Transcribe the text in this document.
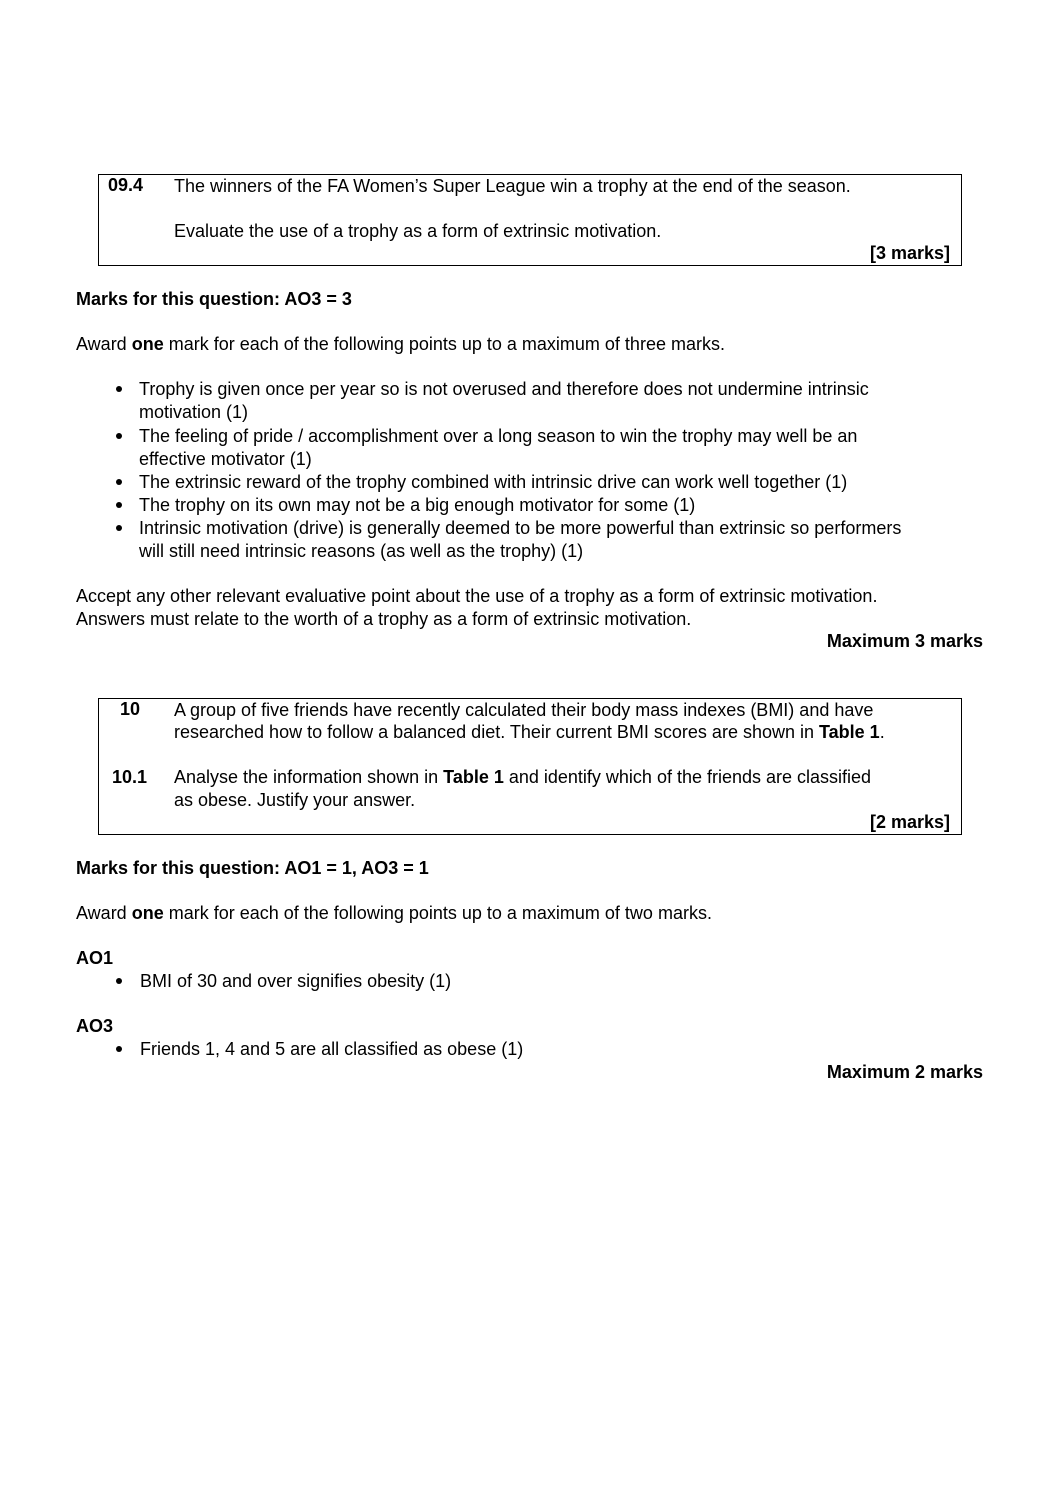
09.4 The winners of the FA Women’s Super League win a trophy at the end of the season.
Evaluate the use of a trophy as a form of extrinsic motivation.
[3 marks]
Marks for this question: AO3 = 3
Award one mark for each of the following points up to a maximum of three marks.
Trophy is given once per year so is not overused and therefore does not undermine intrinsic
motivation (1)
The feeling of pride / accomplishment over a long season to win the trophy may well be an
effective motivator (1)
The extrinsic reward of the trophy combined with intrinsic drive can work well together (1)
The trophy on its own may not be a big enough motivator for some (1)
Intrinsic motivation (drive) is generally deemed to be more powerful than extrinsic so performers
will still need intrinsic reasons (as well as the trophy) (1)
Accept any other relevant evaluative point about the use of a trophy as a form of extrinsic motivation.
Answers must relate to the worth of a trophy as a form of extrinsic motivation.
Maximum 3 marks
10 A group of five friends have recently calculated their body mass indexes (BMI) and have
researched how to follow a balanced diet. Their current BMI scores are shown in Table 1.
10.1 Analyse the information shown in Table 1 and identify which of the friends are classified
as obese. Justify your answer.
[2 marks]
Marks for this question: AO1 = 1, AO3 = 1
Award one mark for each of the following points up to a maximum of two marks.
AO1
BMI of 30 and over signifies obesity (1)
AO3
Friends 1, 4 and 5 are all classified as obese (1)
Maximum 2 marks
